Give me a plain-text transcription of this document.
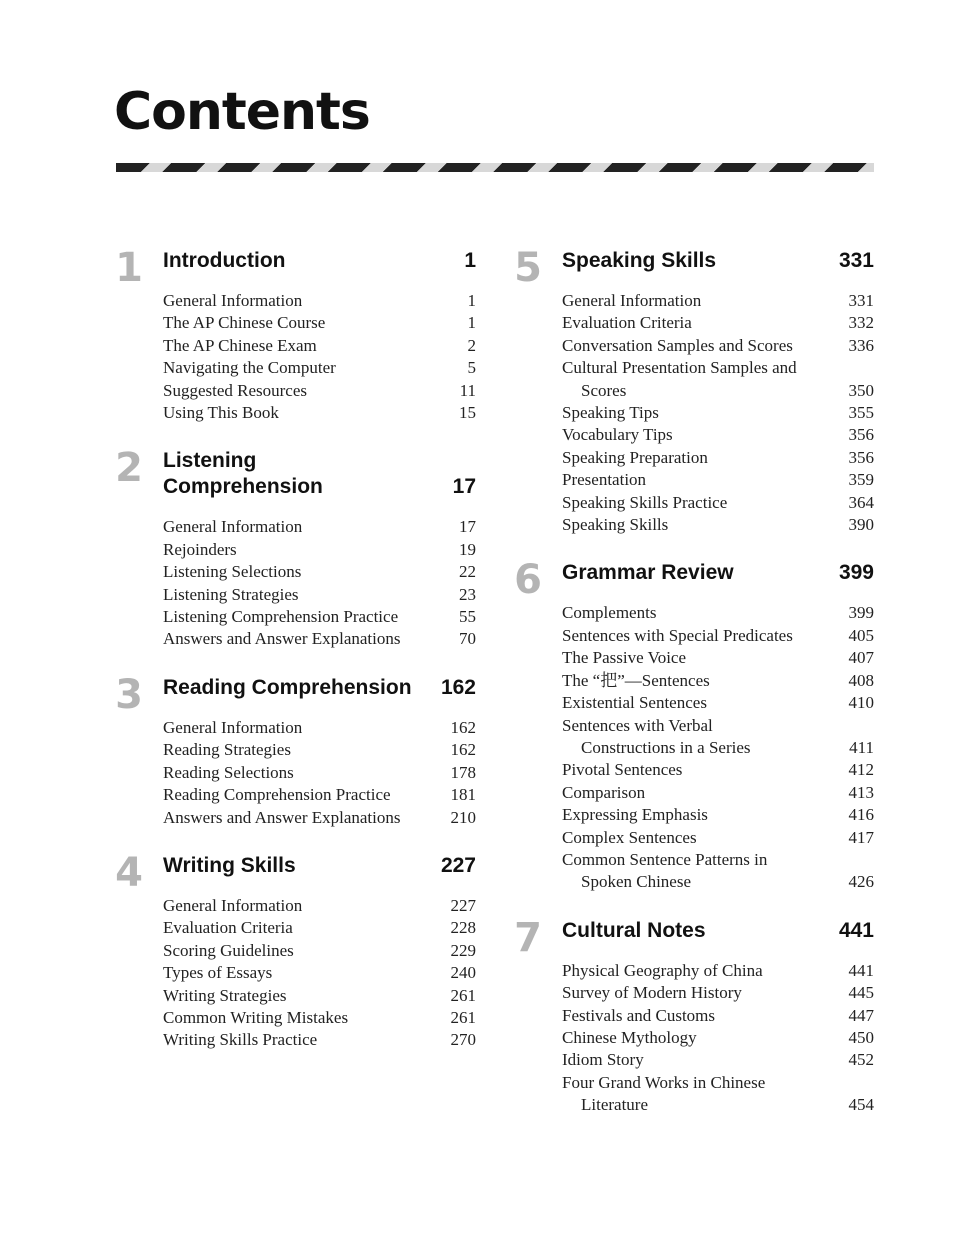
Contents
1 Introduction	1
General Information	1
The AP Chinese Course	1
The AP Chinese Exam	2
Navigating the Computer	5
Suggested Resources	11
Using This Book	15
2 Listening
Comprehension	17
General Information	17
Rejoinders	19
Listening Selections	22
Listening Strategies	23
Listening Comprehension Practice	55
Answers and Answer Explanations	70
3 Reading Comprehension	162
General Information	162
Reading Strategies	162
Reading Selections	178
Reading Comprehension Practice	181
Answers and Answer Explanations	210
4 Writing Skills	227
General Information	227
Evaluation Criteria	228
Scoring Guidelines	229
Types of Essays	240
Writing Strategies	261
Common Writing Mistakes	261
Writing Skills Practice	270
5 Speaking Skills	331
General Information	331
Evaluation Criteria	332
Conversation Samples and Scores	336
Cultural Presentation Samples and
Scores	350
Speaking Tips	355
Vocabulary Tips	356
Speaking Preparation	356
Presentation	359
Speaking Skills Practice	364
Speaking Skills	390
6 Grammar Review	399
Complements	399
Sentences with Special Predicates	405
The Passive Voice	407
The “把”—Sentences	408
Existential Sentences	410
Sentences with Verbal
Constructions in a Series	411
Pivotal Sentences	412
Comparison	413
Expressing Emphasis	416
Complex Sentences	417
Common Sentence Patterns in
Spoken Chinese	426
7 Cultural Notes	441
Physical Geography of China	441
Survey of Modern History	445
Festivals and Customs	447
Chinese Mythology	450
Idiom Story	452
Four Grand Works in Chinese
Literature	454
